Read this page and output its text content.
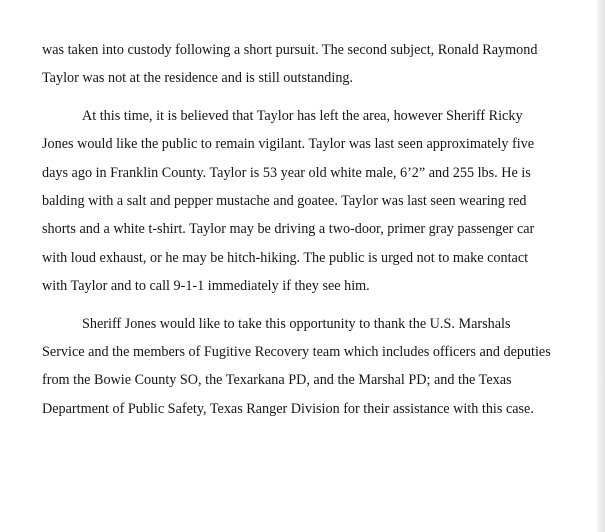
was taken into custody following a short pursuit. The second subject, Ronald Raymond
Taylor was not at the residence and is still outstanding.
At this time, it is believed that Taylor has left the area, however Sheriff Ricky
Jones would like the public to remain vigilant. Taylor was last seen approximately five
days ago in Franklin County. Taylor is 53 year old white male, 6’2” and 255 lbs. He is
balding with a salt and pepper mustache and goatee. Taylor was last seen wearing red
shorts and a white t-shirt. Taylor may be driving a two-door, primer gray passenger car
with loud exhaust, or he may be hitch-hiking. The public is urged not to make contact
with Taylor and to call 9-1-1 immediately if they see him.
Sheriff Jones would like to take this opportunity to thank the U.S. Marshals
Service and the members of Fugitive Recovery team which includes officers and deputies
from the Bowie County SO, the Texarkana PD, and the Marshal PD; and the Texas
Department of Public Safety, Texas Ranger Division for their assistance with this case.
